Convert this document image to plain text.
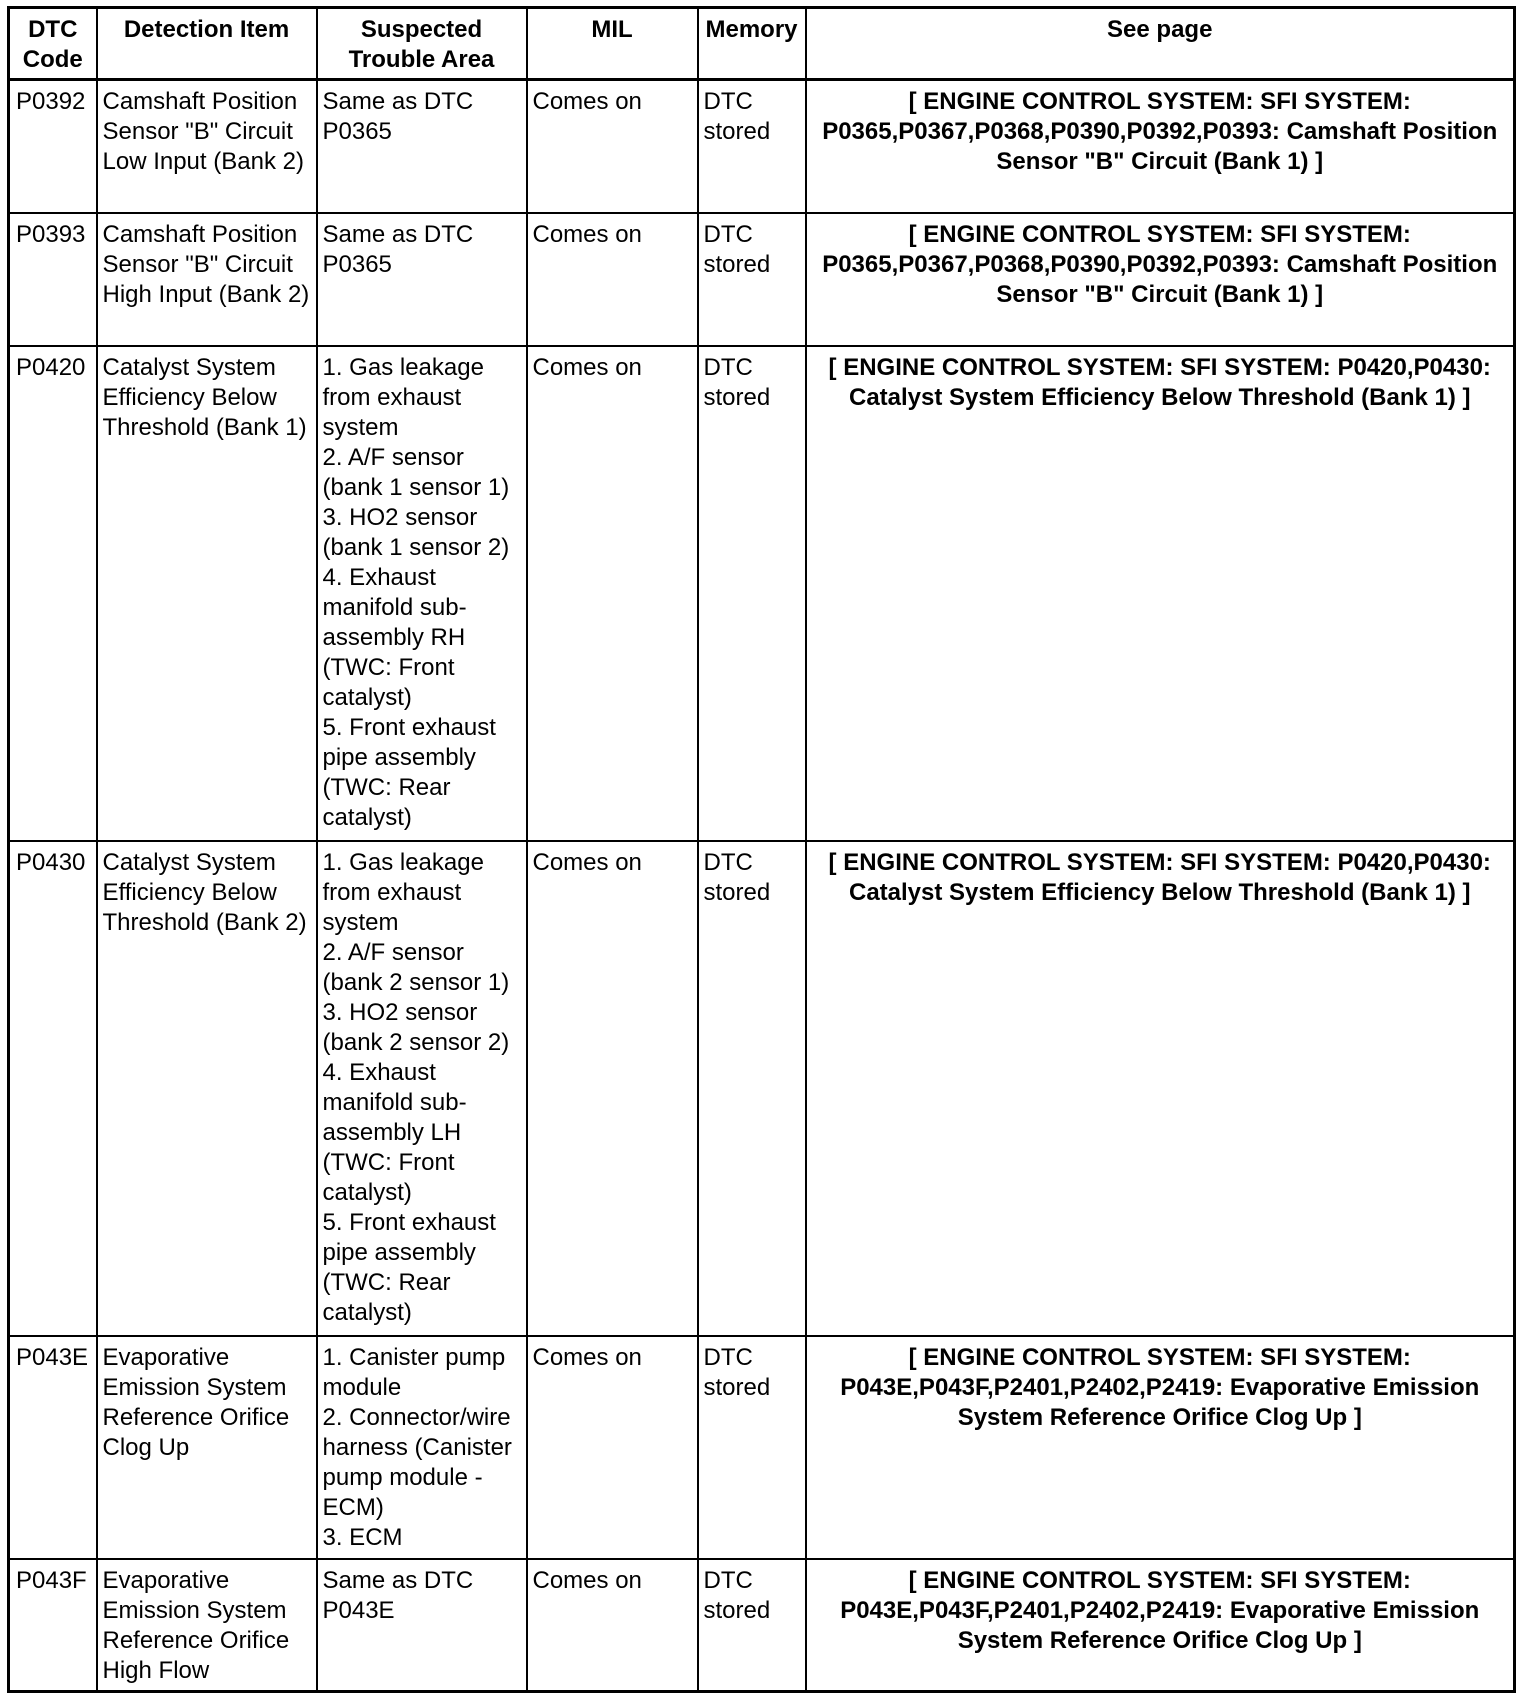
DTC Code	Detection Item	Suspected Trouble Area	MIL	Memory	See page
P0392	Camshaft Position Sensor "B" Circuit Low Input (Bank 2)	Same as DTC P0365	Comes on	DTC stored	[ ENGINE CONTROL SYSTEM: SFI SYSTEM: P0365,P0367,P0368,P0390,P0392,P0393: Camshaft Position Sensor "B" Circuit (Bank 1) ]
P0393	Camshaft Position Sensor "B" Circuit High Input (Bank 2)	Same as DTC P0365	Comes on	DTC stored	[ ENGINE CONTROL SYSTEM: SFI SYSTEM: P0365,P0367,P0368,P0390,P0392,P0393: Camshaft Position Sensor "B" Circuit (Bank 1) ]
P0420	Catalyst System Efficiency Below Threshold (Bank 1)	1. Gas leakage from exhaust system
2. A/F sensor (bank 1 sensor 1)
3. HO2 sensor (bank 1 sensor 2)
4. Exhaust manifold sub-assembly RH (TWC: Front catalyst)
5. Front exhaust pipe assembly (TWC: Rear catalyst)	Comes on	DTC stored	[ ENGINE CONTROL SYSTEM: SFI SYSTEM: P0420,P0430: Catalyst System Efficiency Below Threshold (Bank 1) ]
P0430	Catalyst System Efficiency Below Threshold (Bank 2)	1. Gas leakage from exhaust system
2. A/F sensor (bank 2 sensor 1)
3. HO2 sensor (bank 2 sensor 2)
4. Exhaust manifold sub-assembly LH (TWC: Front catalyst)
5. Front exhaust pipe assembly (TWC: Rear catalyst)	Comes on	DTC stored	[ ENGINE CONTROL SYSTEM: SFI SYSTEM: P0420,P0430: Catalyst System Efficiency Below Threshold (Bank 1) ]
P043E	Evaporative Emission System Reference Orifice Clog Up	1. Canister pump module
2. Connector/wire harness (Canister pump module - ECM)
3. ECM	Comes on	DTC stored	[ ENGINE CONTROL SYSTEM: SFI SYSTEM: P043E,P043F,P2401,P2402,P2419: Evaporative Emission System Reference Orifice Clog Up ]
P043F	Evaporative Emission System Reference Orifice High Flow	Same as DTC P043E	Comes on	DTC stored	[ ENGINE CONTROL SYSTEM: SFI SYSTEM: P043E,P043F,P2401,P2402,P2419: Evaporative Emission System Reference Orifice Clog Up ]
